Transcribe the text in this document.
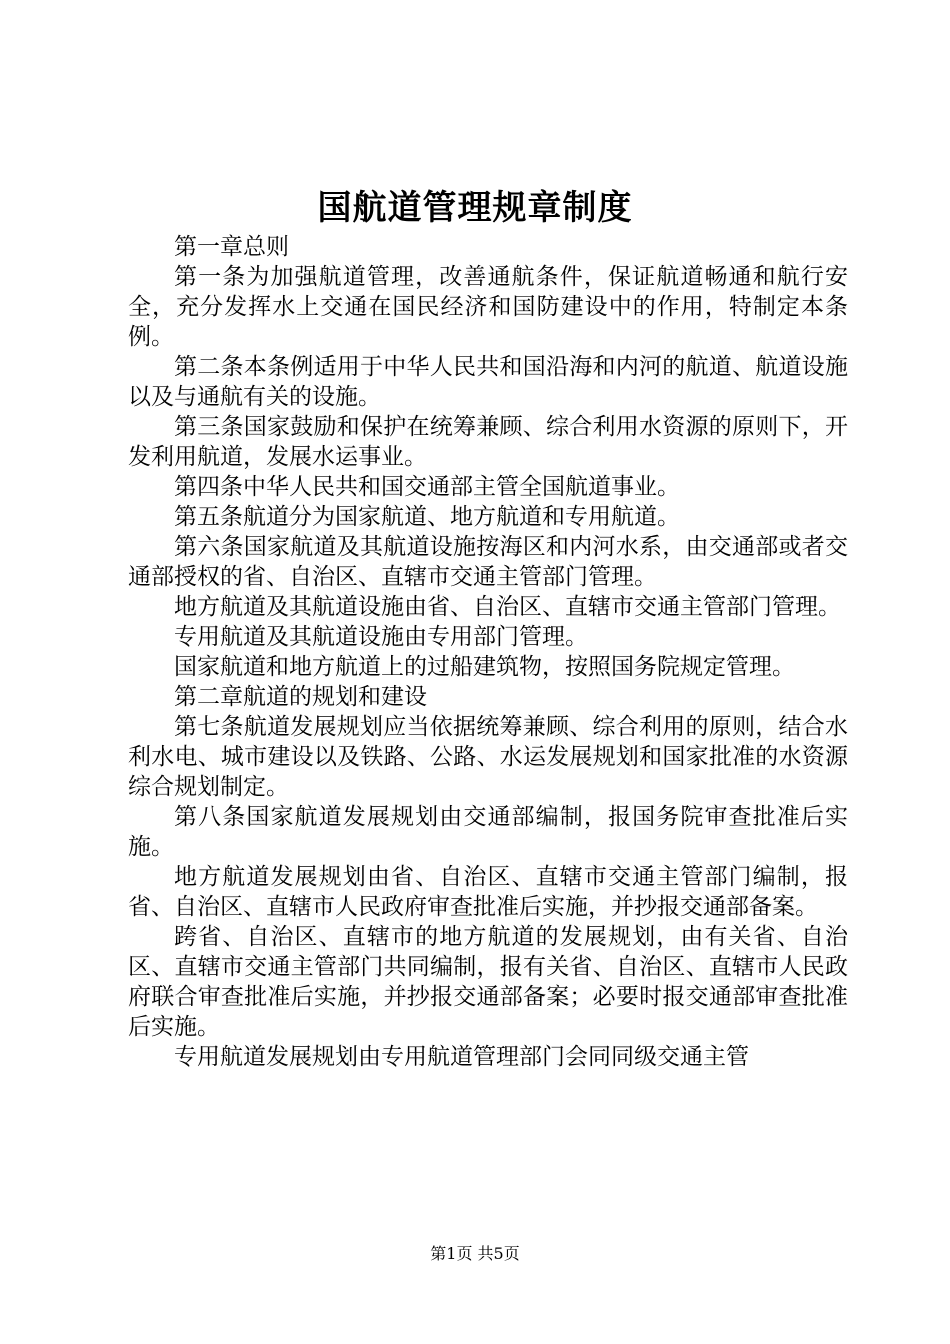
国航道管理规章制度

第一章总则

第一条为加强航道管理，改善通航条件，保证航道畅通和航行安全，充分发挥水上交通在国民经济和国防建设中的作用，特制定本条例。

第二条本条例适用于中华人民共和国沿海和内河的航道、航道设施以及与通航有关的设施。

第三条国家鼓励和保护在统筹兼顾、综合利用水资源的原则下，开发利用航道，发展水运事业。

第四条中华人民共和国交通部主管全国航道事业。

第五条航道分为国家航道、地方航道和专用航道。

第六条国家航道及其航道设施按海区和内河水系，由交通部或者交通部授权的省、自治区、直辖市交通主管部门管理。

地方航道及其航道设施由省、自治区、直辖市交通主管部门管理。

专用航道及其航道设施由专用部门管理。

国家航道和地方航道上的过船建筑物，按照国务院规定管理。

第二章航道的规划和建设

第七条航道发展规划应当依据统筹兼顾、综合利用的原则，结合水利水电、城市建设以及铁路、公路、水运发展规划和国家批准的水资源综合规划制定。

第八条国家航道发展规划由交通部编制，报国务院审查批准后实施。

地方航道发展规划由省、自治区、直辖市交通主管部门编制，报省、自治区、直辖市人民政府审查批准后实施，并抄报交通部备案。

跨省、自治区、直辖市的地方航道的发展规划，由有关省、自治区、直辖市交通主管部门共同编制，报有关省、自治区、直辖市人民政府联合审查批准后实施，并抄报交通部备案；必要时报交通部审查批准后实施。

专用航道发展规划由专用航道管理部门会同同级交通主管

第1页 共5页
